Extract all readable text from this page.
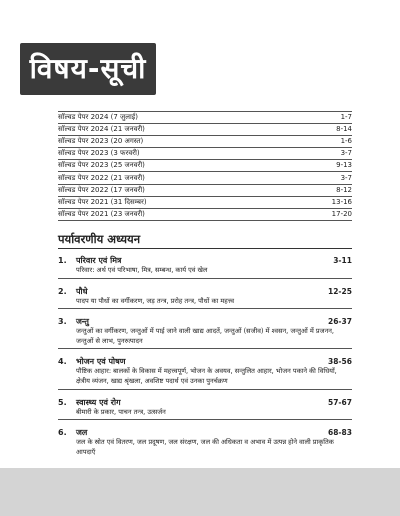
विषय-सूची
सॉल्वड पेपर 2024 (7 जुलाई)	1-7
सॉल्वड पेपर 2024 (21 जनवरी)	8-14
सॉल्वड पेपर 2023 (20 अगस्त)	1-6
सॉल्वड पेपर 2023 (3 फरवरी)	3-7
सॉल्वड पेपर 2023 (25 जनवरी)	9-13
सॉल्वड पेपर 2022 (21 जनवरी)	3-7
सॉल्वड पेपर 2022 (17 जनवरी)	8-12
सॉल्वड पेपर 2021 (31 दिसम्बर)	13-16
सॉल्वड पेपर 2021 (23 जनवरी)	17-20
पर्यावरणीय अध्ययन
1.	परिवार एवं मित्र	3-11
परिवार: अर्थ एवं परिभाषा, मित्र, सम्बन्ध, कार्य एवं खेल
2.	पौधे	12-25
पादप या पौधों का वर्गीकरण, जड़ तन्त्र, प्ररोह तन्त्र, पौधों का महत्त्व
3.	जन्तु	26-37
जन्तुओं का वर्गीकरण, जन्तुओं में पाई जाने वाली खाद्य आदतें, जन्तुओं (सजीव) में श्वसन, जन्तुओं में प्रजनन, जन्तुओं से लाभ, पुनरुत्पादन
4.	भोजन एवं पोषण	38-56
पौष्टिक आहार: बालकों के विकास में महत्त्वपूर्ण, भोजन के अवयव, सन्तुलित आहार, भोजन पकाने की विधियाँ, क्षेत्रीय व्यंजन, खाद्य श्रृंखला, अवशिष्ट पदार्थ एवं उनका पुनर्चक्रण
5.	स्वास्थ्य एवं रोग	57-67
बीमारी के प्रकार, पाचन तन्त्र, उत्सर्जन
6.	जल	68-83
जल के स्रोत एवं वितरण, जल प्रदूषण, जल संरक्षण, जल की अधिकता व अभाव में उत्पन्न होने वाली प्राकृतिक आपदाएँ
